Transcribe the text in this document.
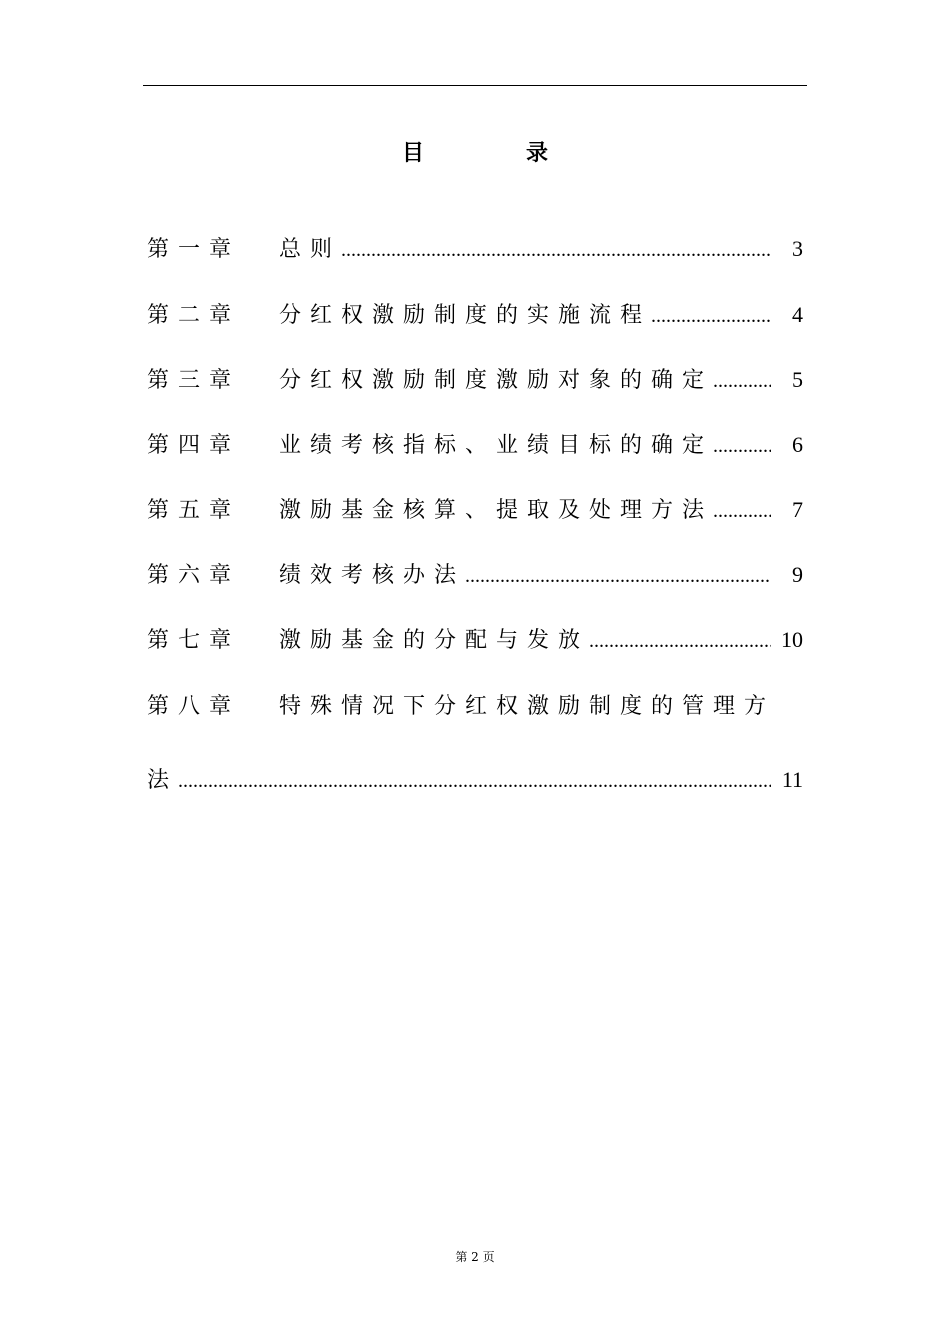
目　录
第一章	总则 .....	3
第二章	分红权激励制度的实施流程 .....	4
第三章	分红权激励制度激励对象的确定 .....	5
第四章	业绩考核指标、业绩目标的确定 .....	6
第五章	激励基金核算、提取及处理方法 .....	7
第六章	绩效考核办法 .....	9
第七章	激励基金的分配与发放 .....	10
第八章	特殊情况下分红权激励制度的管理方
法 .....	11
第 2 页
